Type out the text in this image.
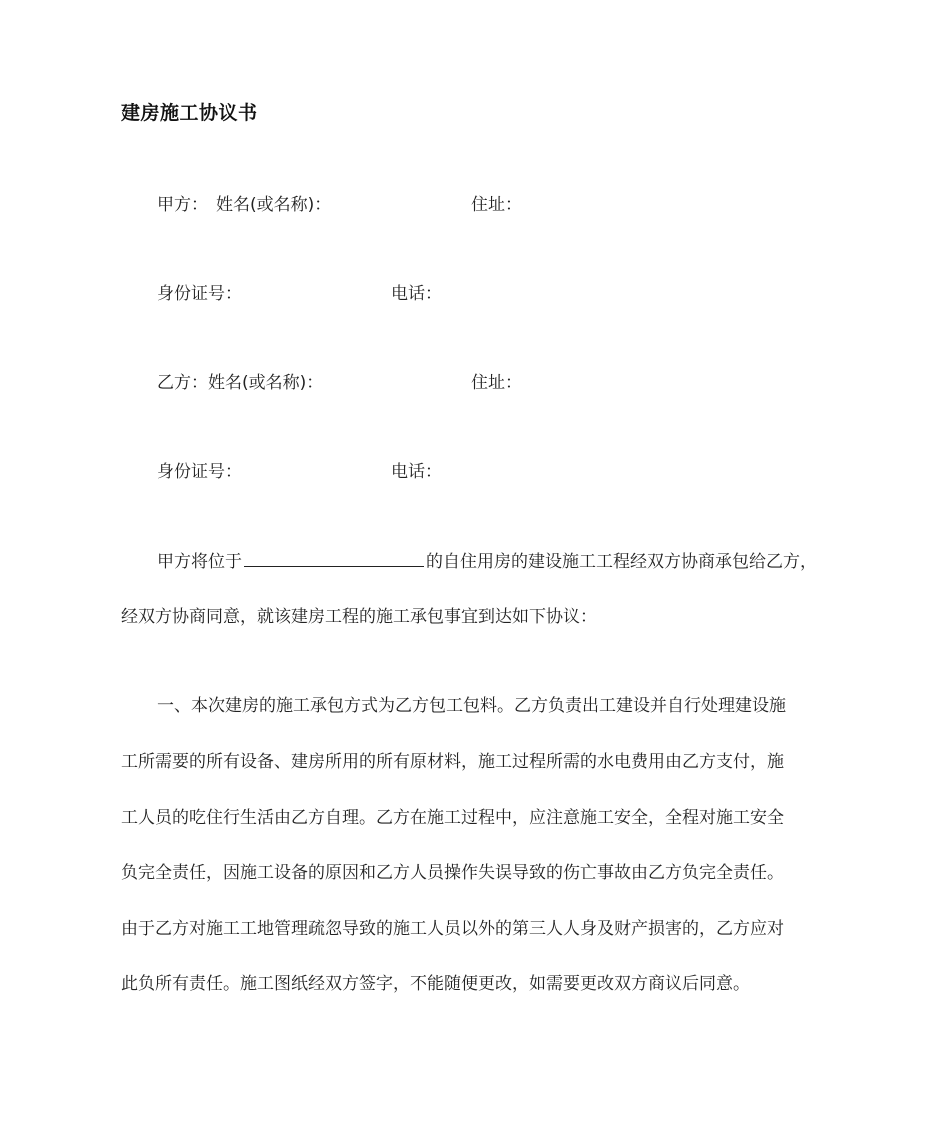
建房施工协议书
甲方： 姓名(或名称)：	住址：
身份证号：	电话：
乙方：姓名(或名称)：	住址：
身份证号：	电话：
甲方将位于	的自住用房的建设施工工程经双方协商承包给乙方，
经双方协商同意，就该建房工程的施工承包事宜到达如下协议：
一、本次建房的施工承包方式为乙方包工包料。乙方负责出工建设并自行处理建设施
工所需要的所有设备、建房所用的所有原材料，施工过程所需的水电费用由乙方支付，施
工人员的吃住行生活由乙方自理。乙方在施工过程中，应注意施工安全，全程对施工安全
负完全责任，因施工设备的原因和乙方人员操作失误导致的伤亡事故由乙方负完全责任。
由于乙方对施工工地管理疏忽导致的施工人员以外的第三人人身及财产损害的，乙方应对
此负所有责任。施工图纸经双方签字，不能随便更改，如需要更改双方商议后同意。
